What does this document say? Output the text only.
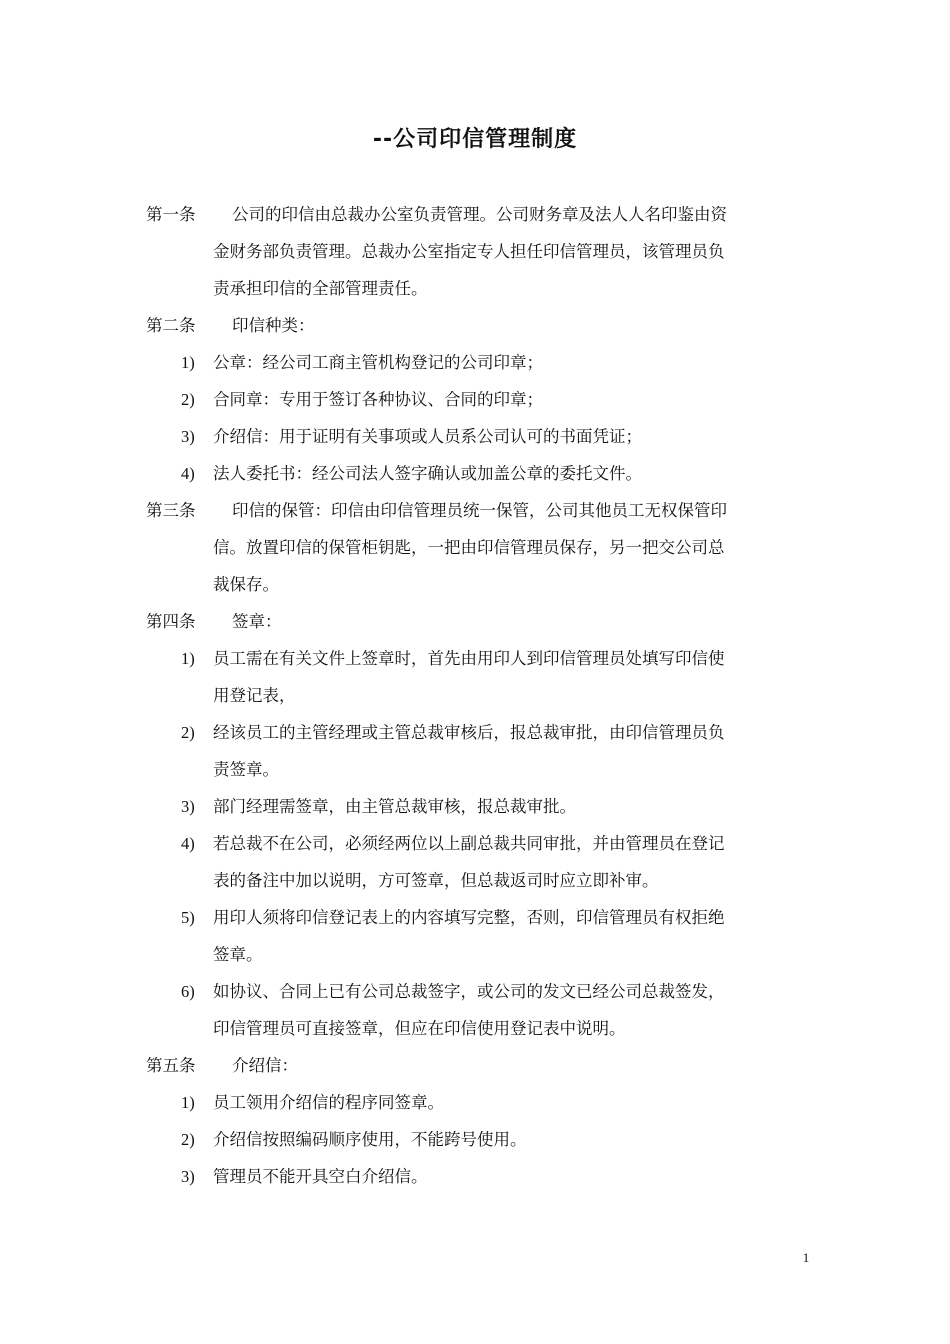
--公司印信管理制度
第一条 公司的印信由总裁办公室负责管理。公司财务章及法人人名印鉴由资
金财务部负责管理。总裁办公室指定专人担任印信管理员，该管理员负
责承担印信的全部管理责任。
第二条 印信种类：
1) 公章：经公司工商主管机构登记的公司印章；
2) 合同章：专用于签订各种协议、合同的印章；
3) 介绍信：用于证明有关事项或人员系公司认可的书面凭证；
4) 法人委托书：经公司法人签字确认或加盖公章的委托文件。
第三条 印信的保管：印信由印信管理员统一保管，公司其他员工无权保管印
信。放置印信的保管柜钥匙，一把由印信管理员保存，另一把交公司总
裁保存。
第四条 签章：
1) 员工需在有关文件上签章时，首先由用印人到印信管理员处填写印信使
用登记表，
2) 经该员工的主管经理或主管总裁审核后，报总裁审批，由印信管理员负
责签章。
3) 部门经理需签章，由主管总裁审核，报总裁审批。
4) 若总裁不在公司，必须经两位以上副总裁共同审批，并由管理员在登记
表的备注中加以说明，方可签章，但总裁返司时应立即补审。
5) 用印人须将印信登记表上的内容填写完整，否则，印信管理员有权拒绝
签章。
6) 如协议、合同上已有公司总裁签字，或公司的发文已经公司总裁签发，
印信管理员可直接签章，但应在印信使用登记表中说明。
第五条 介绍信：
1) 员工领用介绍信的程序同签章。
2) 介绍信按照编码顺序使用，不能跨号使用。
3) 管理员不能开具空白介绍信。
1
